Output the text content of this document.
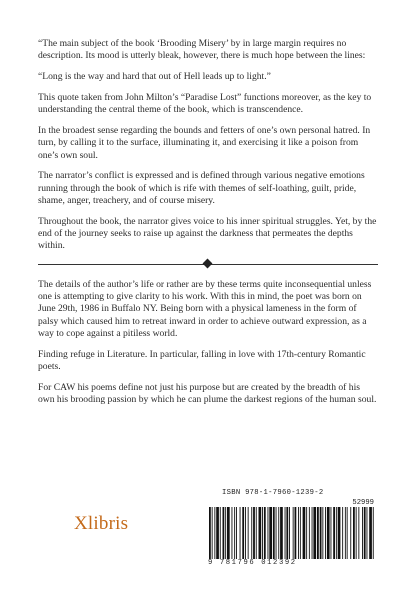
“The main subject of the book ‘Brooding Misery’ by in large margin requires no description. Its mood is utterly bleak, however, there is much hope between the lines:

“Long is the way and hard that out of Hell leads up to light.”

This quote taken from John Milton’s “Paradise Lost” functions moreover, as the key to understanding the central theme of the book, which is transcendence.

In the broadest sense regarding the bounds and fetters of one’s own personal hatred. In turn, by calling it to the surface, illuminating it, and exercising it like a poison from one’s own soul.

The narrator’s conflict is expressed and is defined through various negative emotions running through the book of which is rife with themes of self-loathing, guilt, pride, shame, anger, treachery, and of course misery.

Throughout the book, the narrator gives voice to his inner spiritual struggles. Yet, by the end of the journey seeks to raise up against the darkness that permeates the depths within.

The details of the author’s life or rather are by these terms quite inconsequential unless one is attempting to give clarity to his work. With this in mind, the poet was born on June 29th, 1986 in Buffalo NY. Being born with a physical lameness in the form of palsy which caused him to retreat inward in order to achieve outward expression, as a way to cope against a pitiless world.

Finding refuge in Literature. In particular, falling in love with 17th-century Romantic poets.

For CAW his poems define not just his purpose but are created by the breadth of his own his brooding passion by which he can plume the darkest regions of the human soul.

Xlibris
ISBN 978-1-7960-1239-2
52999
9 781796 012392
